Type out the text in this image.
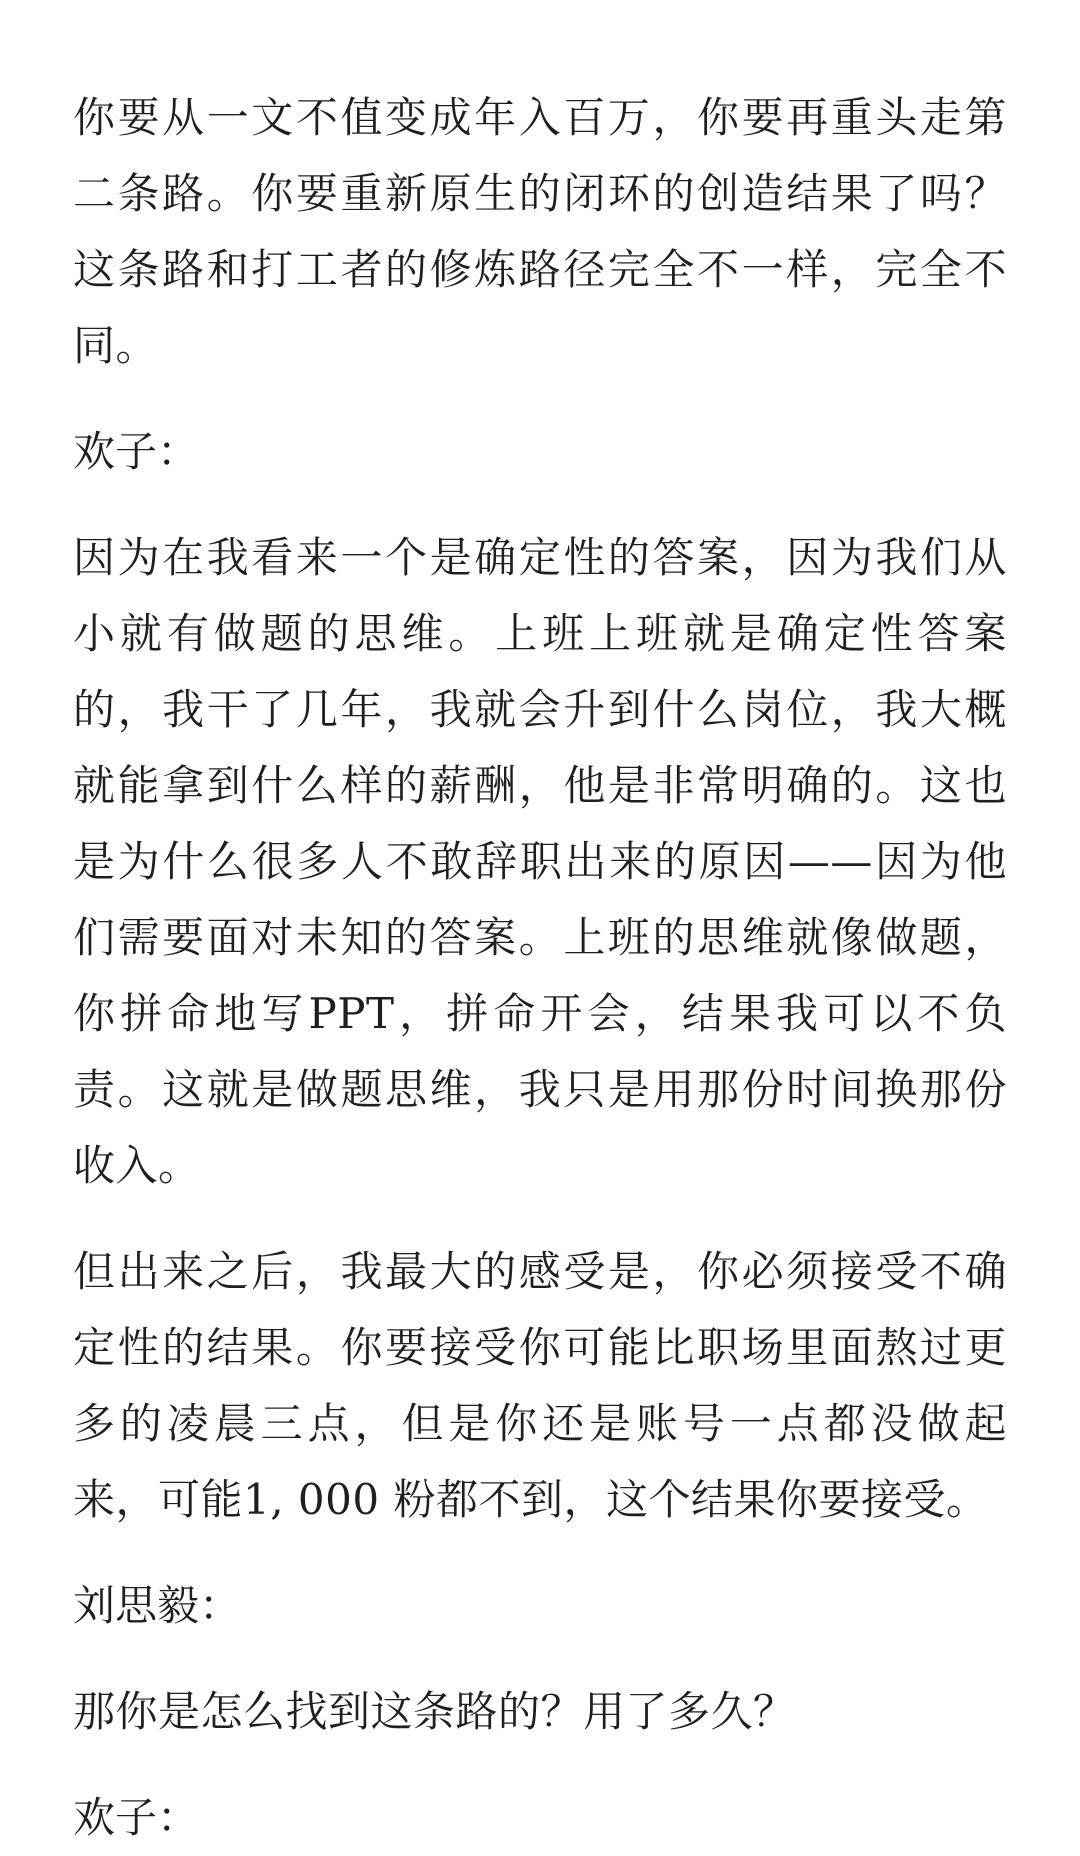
你要从一文不值变成年入百万，你要再重头走第二条路。你要重新原生的闭环的创造结果了吗？这条路和打工者的修炼路径完全不一样，完全不同。

欢子：

因为在我看来一个是确定性的答案，因为我们从小就有做题的思维。上班上班就是确定性答案的，我干了几年，我就会升到什么岗位，我大概就能拿到什么样的薪酬，他是非常明确的。这也是为什么很多人不敢辞职出来的原因——因为他们需要面对未知的答案。上班的思维就像做题，你拼命地写PPT，拼命开会，结果我可以不负责。这就是做题思维，我只是用那份时间换那份收入。

但出来之后，我最大的感受是，你必须接受不确定性的结果。你要接受你可能比职场里面熬过更多的凌晨三点，但是你还是账号一点都没做起来，可能1, 000 粉都不到，这个结果你要接受。

刘思毅：

那你是怎么找到这条路的？用了多久？

欢子：
